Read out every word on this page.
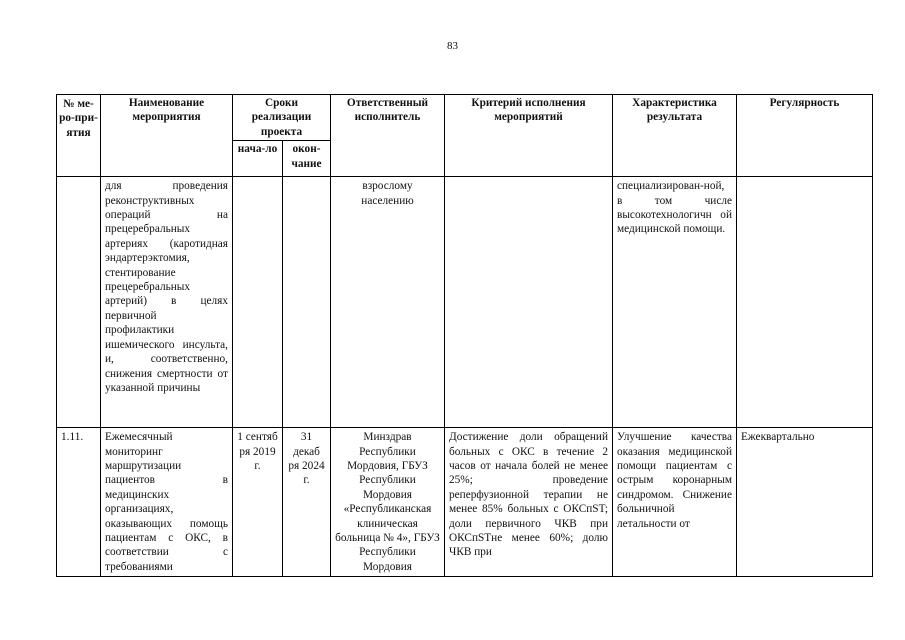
83
№ ме-ро-при-ятия	Наименование мероприятия	Сроки реализации проекта		Ответственный исполнитель	Критерий исполнения мероприятий	Характеристика результата	Регулярность
		нача-ло	окон-чание				
	для проведения реконструктивных операций на прецеребральных артериях (каротидная эндартерэктомия, стентирование прецеребральных артерий) в целях первичной профилактики ишемического инсульта, и, соответственно, снижения смертности от указанной причины			взрослому населению		специализирован-ной, в том числе высокотехнологичн ой медицинской помощи.	
1.11.	Ежемесячный мониторинг маршрутизации пациентов в медицинских организациях, оказывающих помощь пациентам с ОКС, в соответствии с требованиями	1 сентяб ря 2019 г.	31 декаб ря 2024 г.	Минздрав Республики Мордовия, ГБУЗ Республики Мордовия «Республиканская клиническая больница № 4», ГБУЗ Республики Мордовия	Достижение доли обращений больных с ОКС в течение 2 часов от начала болей не менее 25%; проведение реперфузионной терапии не менее 85% больных с ОКСпST; доли первичного ЧКВ при ОКСпSTне менее 60%; долю ЧКВ при	Улучшение качества оказания медицинской помощи пациентам с острым коронарным синдромом. Снижение больничной летальности от	Ежеквартально
